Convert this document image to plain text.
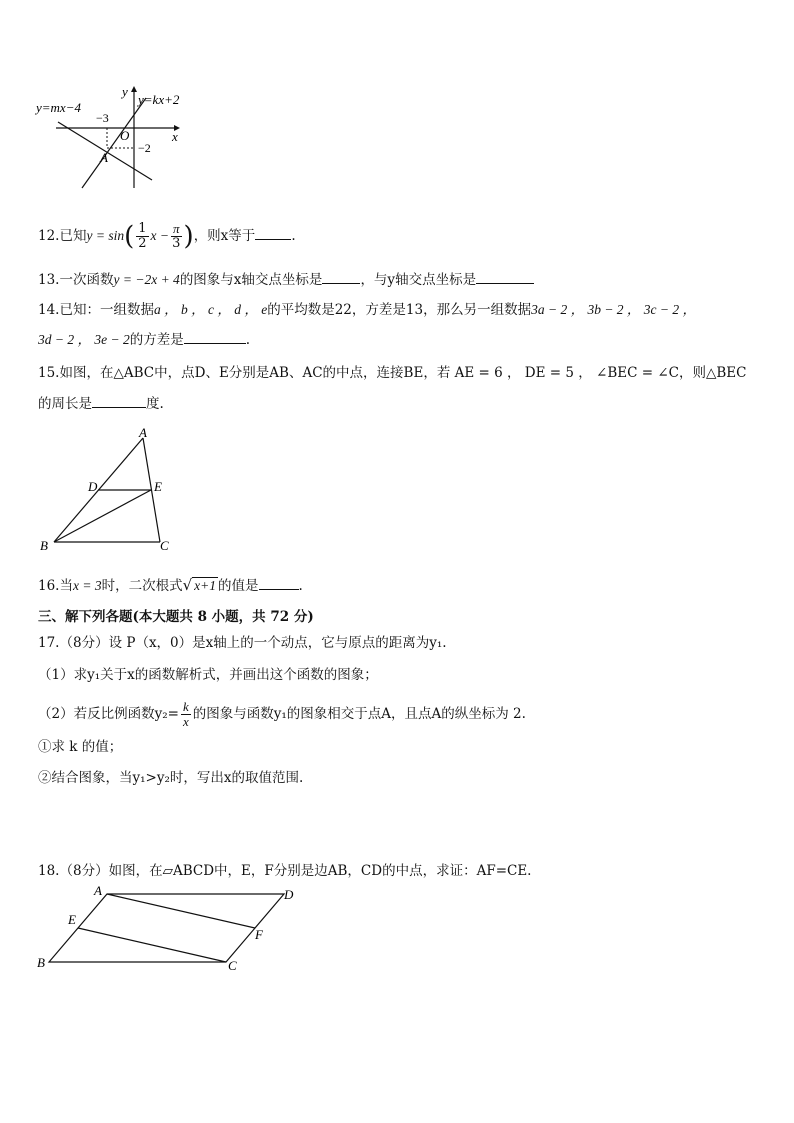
y=mx−4
y=kx+2
y
x
O
−3
−2
A
12.已知$y = \sin( \frac{1}{2}$ $x - \frac{\pi}{3}$ )，则x等于	.
13.一次函数y = −2x + 4的图象与x轴交点坐标是	，与y轴交点坐标是
14.已知：一组数据a ， b ， c ， d ， e的平均数是22，方差是13，那么另一组数据3a − 2 ， 3b − 2 ， 3c − 2 ，
3d − 2 ， 3e − 2的方差是	.
15.如图，在△ABC中，点D、E分别是AB、AC的中点，连接BE，若 AE = 6 ， DE = 5 ， ∠BEC = ∠C，则△BEC
的周长是	度.
A
D	E
B	C
16.当x = 3时，二次根式√ x+1 的值是	.
三、解下列各题(本大题共 8 小题，共 72 分)
17.（8分）设 P（x，0）是x轴上的一个动点，它与原点的距离为y₁.
（1）求y₁关于x的函数解析式，并画出这个函数的图象；
（2）若反比例函数$y_2= \frac{k}{x}$ 的图象与函数y₁的图象相交于点A，且点A的纵坐标为 2.
①求 k 的值；
②结合图象，当y₁>y₂时，写出x的取值范围.
18.（8分）如图，在▱ABCD中，E，F分别是边AB，CD的中点，求证：AF=CE.
A	D
E
F
B	C
